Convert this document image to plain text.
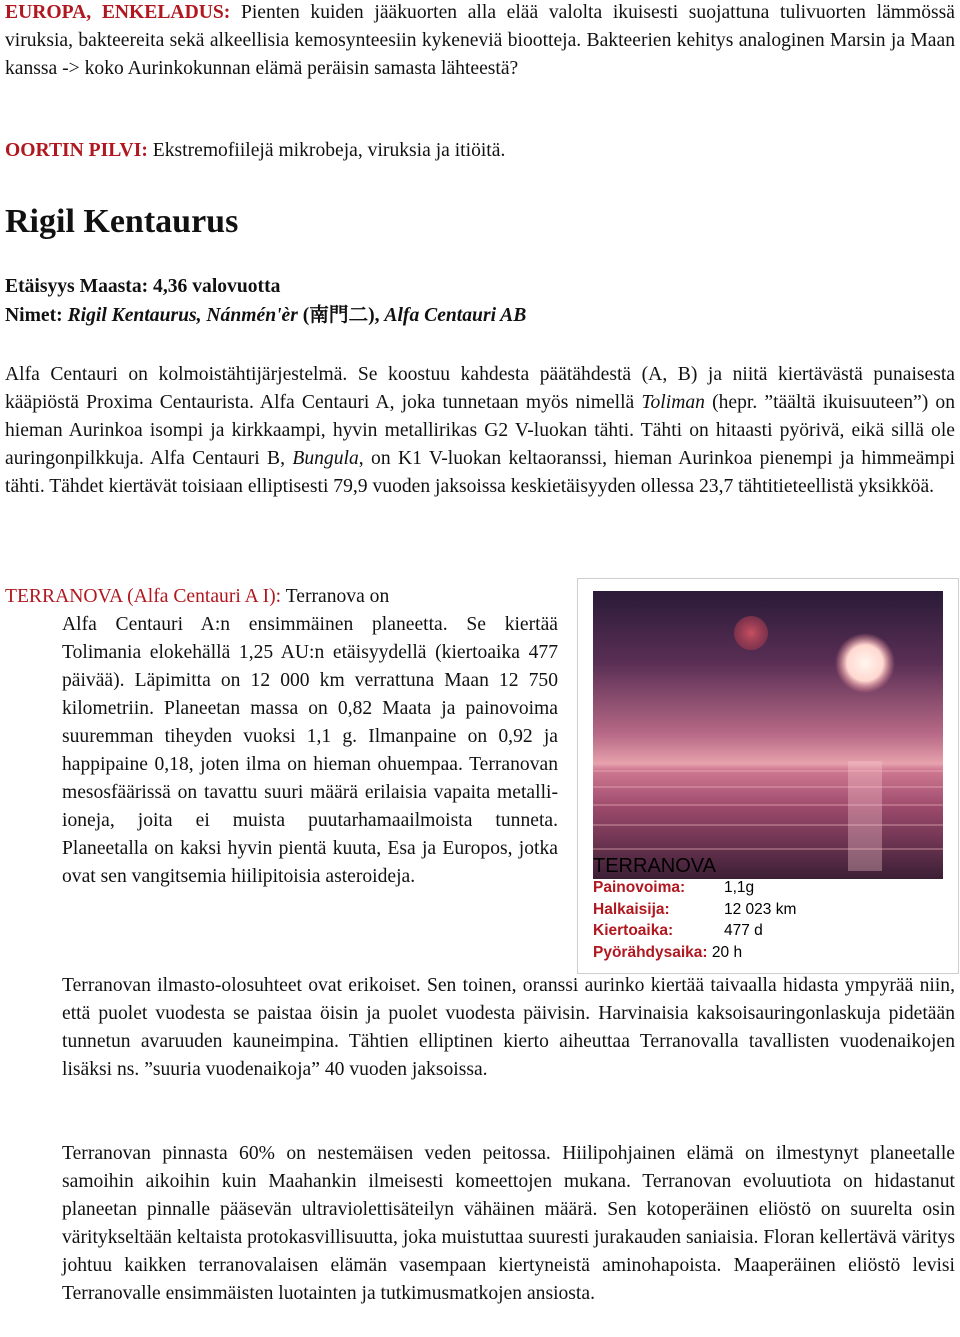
EUROPA, ENKELADUS: Pienten kuiden jääkuorten alla elää valolta ikuisesti suojattuna tulivuorten lämmössä viruksia, bakteereita sekä alkeellisia kemosynteesiin kykeneviä biootteja. Bakteerien kehitys analoginen Marsin ja Maan kanssa -> koko Aurinkokunnan elämä peräisin samasta lähteestä?
OORTIN PILVI: Ekstremofiilejä mikrobeja, viruksia ja itiöitä.
Rigil Kentaurus
Etäisyys Maasta: 4,36 valovuotta
Nimet: Rigil Kentaurus, Nánmén'èr (南門二), Alfa Centauri AB
Alfa Centauri on kolmoistähtijärjestelmä. Se koostuu kahdesta päätähdestä (A, B) ja niitä kiertävästä punaisesta kääpiöstä Proxima Centaurista. Alfa Centauri A, joka tunnetaan myös nimellä Toliman (hepr. ”täältä ikuisuuteen”) on hieman Aurinkoa isompi ja kirkkaampi, hyvin metallirikas G2 V-luokan tähti. Tähti on hitaasti pyörivä, eikä sillä ole auringonpilkkuja. Alfa Centauri B, Bungula, on K1 V-luokan keltaoranssi, hieman Aurinkoa pienempi ja himmeämpi tähti. Tähdet kiertävät toisiaan elliptisesti 79,9 vuoden jaksoissa keskietäisyyden ollessa 23,7 tähtitieteellistä yksikköä.
TERRANOVA (Alfa Centauri A I): Terranova on
Alfa Centauri A:n ensimmäinen planeetta. Se kiertää Tolimania elokehällä 1,25 AU:n etäisyydellä (kiertoaika 477 päivää). Läpimitta on 12 000 km verrattuna Maan 12 750 kilometriin. Planeetan massa on 0,82 Maata ja painovoima suuremman tiheyden vuoksi 1,1 g. Ilmanpaine on 0,92 ja happipaine 0,18, joten ilma on hieman ohuempaa. Terranovan mesosfäärissä on tavattu suuri määrä erilaisia vapaita metalli-ioneja, joita ei muista puutarhamaailmoista tunneta. Planeetalla on kaksi hyvin pientä kuuta, Esa ja Europos, jotka ovat sen vangitsemia hiilipitoisia asteroideja.	TERRANOVA
Painovoima:	1,1g
Halkaisija:	12 023 km
Kiertoaika:	477 d
Pyörähdysaika: 20 h
Terranovan ilmasto-olosuhteet ovat erikoiset. Sen toinen, oranssi aurinko kiertää taivaalla hidasta ympyrää niin, että puolet vuodesta se paistaa öisin ja puolet vuodesta päivisin. Harvinaisia kaksoisauringonlaskuja pidetään tunnetun avaruuden kauneimpina. Tähtien elliptinen kierto aiheuttaa Terranovalla tavallisten vuodenaikojen lisäksi ns. ”suuria vuodenaikoja” 40 vuoden jaksoissa.
Terranovan pinnasta 60% on nestemäisen veden peitossa. Hiilipohjainen elämä on ilmestynyt planeetalle samoihin aikoihin kuin Maahankin ilmeisesti komeettojen mukana. Terranovan evoluutiota on hidastanut planeetan pinnalle pääsevän ultraviolettisäteilyn vähäinen määrä. Sen kotoperäinen eliöstö on suurelta osin väritykseltään keltaista protokasvillisuutta, joka muistuttaa suuresti jurakauden saniaisia. Floran kellertävä väritys johtuu kaikken terranovalaisen elämän vasempaan kiertyneistä aminohapoista. Maaperäinen eliöstö levisi Terranovalle ensimmäisten luotainten ja tutkimusmatkojen ansiosta.
